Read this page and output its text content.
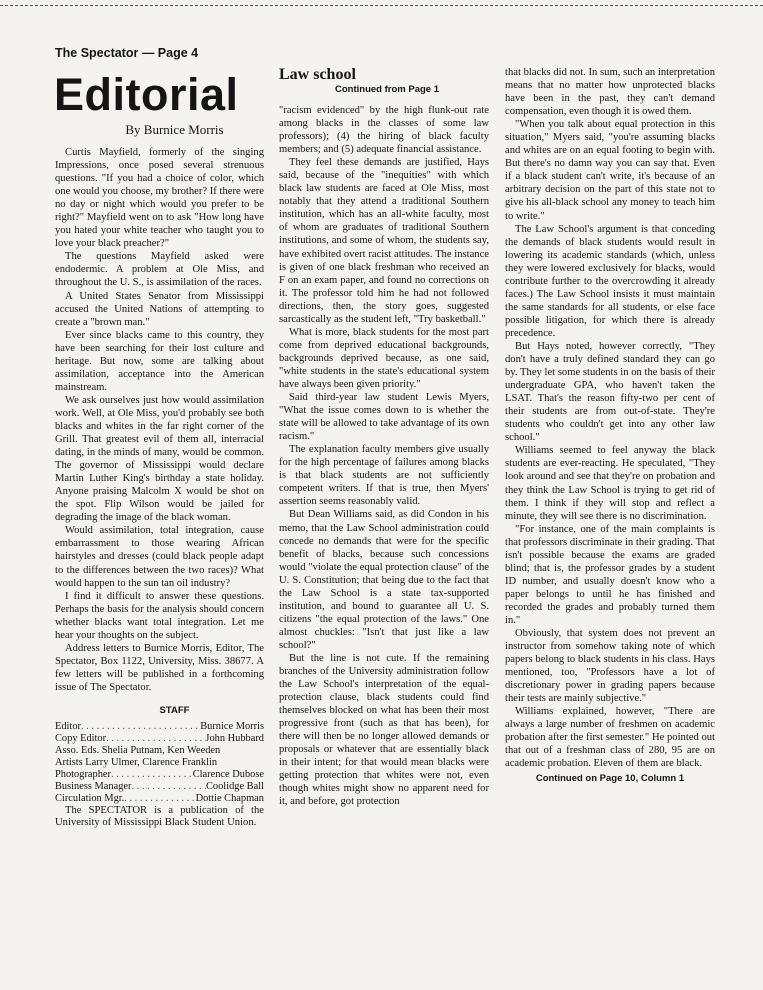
The Spectator — Page 4
Editorial
By Burnice Morris

Curtis Mayfield, formerly of the singing Impressions, once posed several strenuous questions. "If you had a choice of color, which one would you choose, my brother? If there were no day or night which would you prefer to be right?" Mayfield went on to ask "How long have you hated your white teacher who taught you to love your black preacher?"

The questions Mayfield asked were endodermic. A problem at Ole Miss, and throughout the U. S., is assimilation of the races.

A United States Senator from Mississippi accused the United Nations of attempting to create a "brown man."

Ever since blacks came to this country, they have been searching for their lost culture and heritage. But now, some are talking about assimilation, acceptance into the American mainstream.

We ask ourselves just how would assimilation work. Well, at Ole Miss, you'd probably see both blacks and whites in the far right corner of the Grill. That greatest evil of them all, interracial dating, in the minds of many, would be common. The governor of Mississippi would declare Martin Luther King's birthday a state holiday. Anyone praising Malcolm X would be shot on the spot. Flip Wilson would be jailed for degrading the image of the black woman.

Would assimilation, total integration, cause embarrassment to those wearing African hairstyles and dresses (could black people adapt to the differences between the two races)? What would happen to the sun tan oil industry?

I find it difficult to answer these questions. Perhaps the basis for the analysis should concern whether blacks want total integration. Let me hear your thoughts on the subject.

Address letters to Burnice Morris, Editor, The Spectator, Box 1122, University, Miss. 38677. A few letters will be published in a forthcoming issue of The Spectator.

STAFF
Editor . . .	Burnice Morris
Copy Editor . . .	John Hubbard
Asso. Eds. Shelia Putnam, Ken Weeden
Artists Larry Ulmer, Clarence Franklin
Photographer . . .	Clarence Dubose
Business Manager . . .	Coolidge Ball
Circulation Mgr. . . .	Dottie Chapman

The SPECTATOR is a publication of the University of Mississippi Black Student Union.

Law school
Continued from Page 1

"racism evidenced" by the high flunk-out rate among blacks in the classes of some law professors); (4) the hiring of black faculty members; and (5) adequate financial assistance.

They feel these demands are justified, Hays said, because of the "inequities" with which black law students are faced at Ole Miss, most notably that they attend a traditional Southern institution, which has an all-white faculty, most of whom are graduates of traditional Southern institutions, and some of whom, the students say, have exhibited overt racist attitudes. The instance is given of one black freshman who received an F on an exam paper, and found no corrections on it. The professor told him he had not followed directions, then, the story goes, suggested sarcastically as the student left, "Try basketball."

What is more, black students for the most part come from deprived educational backgrounds, backgrounds deprived because, as one said, "white students in the state's educational system have always been given priority."

Said third-year law student Lewis Myers, "What the issue comes down to is whether the state will be allowed to take advantage of its own racism."

The explanation faculty members give usually for the high percentage of failures among blacks is that black students are not sufficiently competent writers. If that is true, then Myers' assertion seems reasonably valid.

But Dean Williams said, as did Condon in his memo, that the Law School administration could concede no demands that were for the specific benefit of blacks, because such concessions would "violate the equal protection clause" of the U. S. Constitution; that being due to the fact that the Law School is a state tax-supported institution, and bound to guarantee all U. S. citizens "the equal protection of the laws." One almost chuckles: "Isn't that just like a law school?"

But the line is not cute. If the remaining branches of the University administration follow the Law School's interpretation of the equal-protection clause, black students could find themselves blocked on what has been their most progressive front (such as that has been), for there will then be no longer allowed demands or proposals or whatever that are essentially black in their intent; for that would mean blacks were getting protection that whites were not, even though whites might show no apparent need for it, and before, got protection

that blacks did not. In sum, such an interpretation means that no matter how unprotected blacks have been in the past, they can't demand compensation, even though it is owed them.

"When you talk about equal protection in this situation," Myers said, "you're assuming blacks and whites are on an equal footing to begin with. But there's no damn way you can say that. Even if a black student can't write, it's because of an arbitrary decision on the part of this state not to give his all-black school any money to teach him to write."

The Law School's argument is that conceding the demands of black students would result in lowering its academic standards (which, unless they were lowered exclusively for blacks, would contribute further to the overcrowding it already faces.) The Law School insists it must maintain the same standards for all students, or else face possible litigation, for which there is already precedence.

But Hays noted, however correctly, "They don't have a truly defined standard they can go by. They let some students in on the basis of their undergraduate GPA, who haven't taken the LSAT. That's the reason fifty-two per cent of their students are from out-of-state. They're students who couldn't get into any other law school."

Williams seemed to feel anyway the black students are ever-reacting. He speculated, "They look around and see that they're on probation and they think the Law School is trying to get rid of them. I think if they will stop and reflect a minute, they will see there is no discrimination.

"For instance, one of the main complaints is that professors discriminate in their grading. That isn't possible because the exams are graded blind; that is, the professor grades by a student ID number, and usually doesn't know who a paper belongs to until he has finished and recorded the grades and probably turned them in."

Obviously, that system does not prevent an instructor from somehow taking note of which papers belong to black students in his class. Hays mentioned, too, "Professors have a lot of discretionary power in grading papers because their tests are mainly subjective."

Williams explained, however, "There are always a large number of freshmen on academic probation after the first semester." He pointed out that out of a freshman class of 280, 95 are on academic probation. Eleven of them are black.

Continued on Page 10, Column 1
